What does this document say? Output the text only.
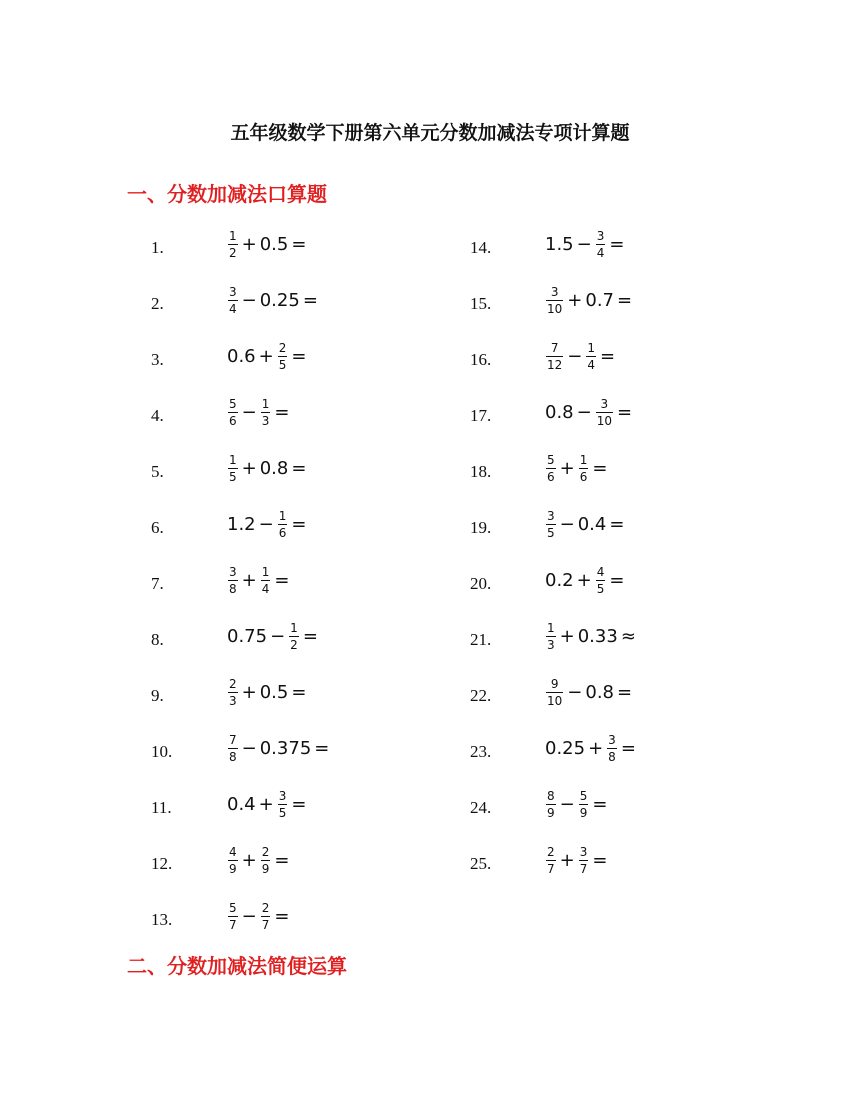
五年级数学下册第六单元分数加减法专项计算题
一、分数加减法口算题
1.	$\frac{1}{2} + 0.5$ =
2.	$\frac{3}{4} - 0.25$ =
3.	$0.6 + \frac{2}{5}$ =
4.	$\frac{5}{6} - \frac{1}{3}$ =
5.	$\frac{1}{5} + 0.8$ =
6.	$1.2 - \frac{1}{6}$ =
7.	$\frac{3}{8} + \frac{1}{4}$ =
8.	$0.75 - \frac{1}{2}$ =
9.	$\frac{2}{3} + 0.5$ =
10.	$\frac{7}{8} - 0.375$ =
11.	$0.4 + \frac{3}{5}$ =
12.	$\frac{4}{9} + \frac{2}{9}$ =
13.	$\frac{5}{7} - \frac{2}{7}$ =
14.	$1.5 - \frac{3}{4}$ =
15.	$\frac{3}{10} + 0.7$ =
16.	$\frac{7}{12} - \frac{1}{4}$ =
17.	$0.8 - \frac{3}{10}$ =
18.	$\frac{5}{6} + \frac{1}{6}$ =
19.	$\frac{3}{5} - 0.4$ =
20.	$0.2 + \frac{4}{5}$ =
21.	$\frac{1}{3} + 0.33$ ≈
22.	$\frac{9}{10} - 0.8$ =
23.	$0.25 + \frac{3}{8}$ =
24.	$\frac{8}{9} - \frac{5}{9}$ =
25.	$\frac{2}{7} + \frac{3}{7}$ =
二、分数加减法简便运算
